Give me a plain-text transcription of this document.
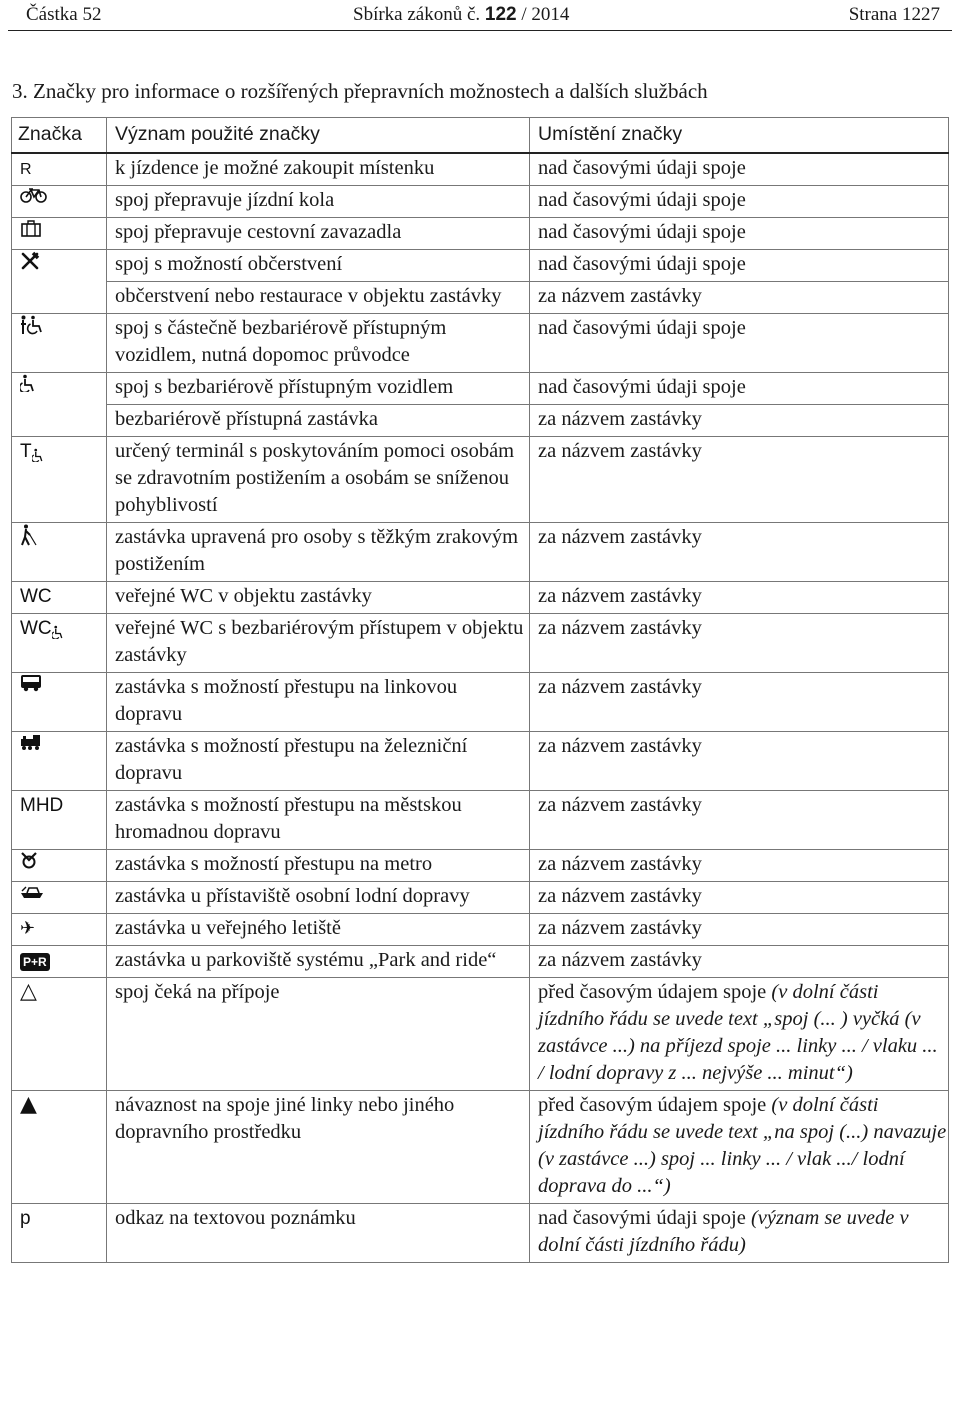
Částka 52	Sbírka zákonů č. 122 / 2014	Strana 1227
3. Značky pro informace o rozšířených přepravních možnostech a dalších službách
Značka	Význam použité značky	Umístění značky
R	k jízdence je možné zakoupit místenku	nad časovými údaji spoje

	spoj přepravuje jízdní kola	nad časovými údaji spoje

	spoj přepravuje cestovní zavazadla	nad časovými údaji spoje

	spoj s možností občerstvení	nad časovými údaji spoje
	občerstvení nebo restaurace v objektu zastávky	za názvem zastávky

	spoj s částečně bezbariérově přístupným vozidlem, nutná dopomoc průvodce	nad časovými údaji spoje

	spoj s bezbariérově přístupným vozidlem	nad časovými údaji spoje
	bezbariérově přístupná zastávka	za názvem zastávky

T	určený terminál s poskytováním pomoci osobám se zdravotním postižením a osobám se sníženou pohyblivostí	za názvem zastávky

	zastávka upravená pro osoby s těžkým zrakovým postižením	za názvem zastávky
WC	veřejné WC v objektu zastávky	za názvem zastávky

WC	veřejné WC s bezbariérovým přístupem v objektu zastávky	za názvem zastávky

	zastávka s možností přestupu na linkovou dopravu	za názvem zastávky

	zastávka s možností přestupu na železniční dopravu	za názvem zastávky
MHD	zastávka s možností přestupu na městskou hromadnou dopravu	za názvem zastávky

	zastávka s možností přestupu na metro	za názvem zastávky

	zastávka u přístaviště osobní lodní dopravy	za názvem zastávky
✈	zastávka u veřejného letiště	za názvem zastávky
P+R	zastávka u parkoviště systému „Park and ride“	za názvem zastávky
△	spoj čeká na přípoje	před časovým údajem spoje (v dolní části jízdního řádu se uvede text „spoj (... ) vyčká (v zastávce ...) na příjezd spoje ... linky ... / vlaku ... / lodní dopravy z ... nejvýše ... minut“)
▲	návaznost na spoje jiné linky nebo jiného dopravního prostředku	před časovým údajem spoje (v dolní části jízdního řádu se uvede text „na spoj (...) navazuje (v zastávce ...) spoj ... linky ... / vlak .../ lodní doprava do ...“)
p	odkaz na textovou poznámku	nad časovými údaji spoje (význam se uvede v dolní části jízdního řádu)
